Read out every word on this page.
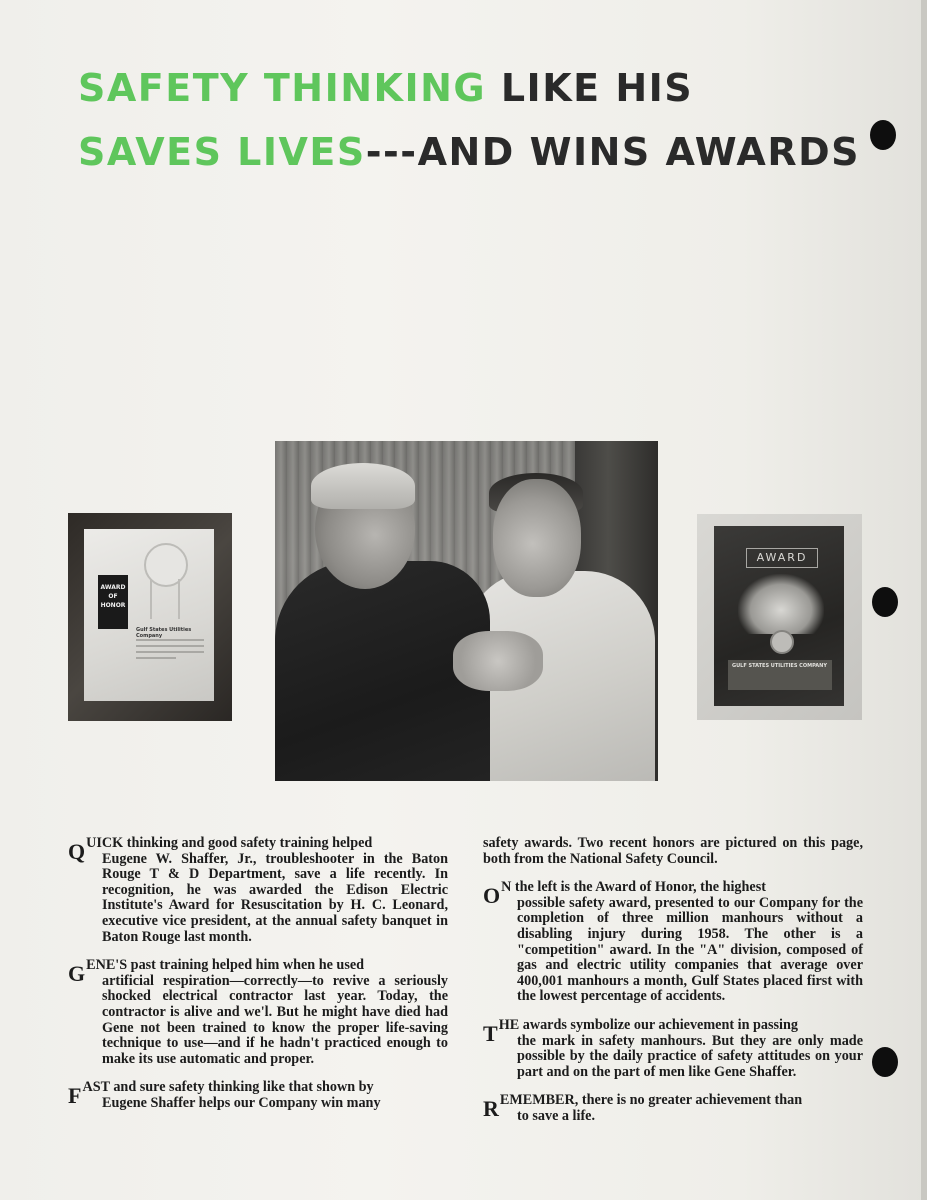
SAFETY THINKING LIKE HIS
SAVES LIVES---AND WINS AWARDS
AWARD OF HONOR
Gulf States Utilities Company
AWARD
GULF STATES UTILITIES COMPANY

QUICK thinking and good safety training helped
Eugene W. Shaffer, Jr., troubleshooter in the Baton Rouge T & D Department, save a life recently. In recognition, he was awarded the Edison Electric Institute's Award for Resuscitation by H. C. Leonard, executive vice president, at the annual safety banquet in Baton Rouge last month.

GENE'S past training helped him when he used
artificial respiration—correctly—to revive a seriously shocked electrical contractor last year. Today, the contractor is alive and we'l. But he might have died had Gene not been trained to know the proper life-saving technique to use—and if he hadn't practiced enough to make its use automatic and proper.

FAST and sure safety thinking like that shown by
Eugene Shaffer helps our Company win many

safety awards. Two recent honors are pictured on this page, both from the National Safety Council.

O N the left is the Award of Honor, the highest
possible safety award, presented to our Company for the completion of three million manhours without a disabling injury during 1958. The other is a "competition" award. In the "A" division, composed of gas and electric utility companies that average over 400,001 manhours a month, Gulf States placed first with the lowest percentage of accidents.

THE awards symbolize our achievement in passing
the mark in safety manhours. But they are only made possible by the daily practice of safety attitudes on your part and on the part of men like Gene Shaffer.

REMEMBER, there is no greater achievement than
to save a life.
